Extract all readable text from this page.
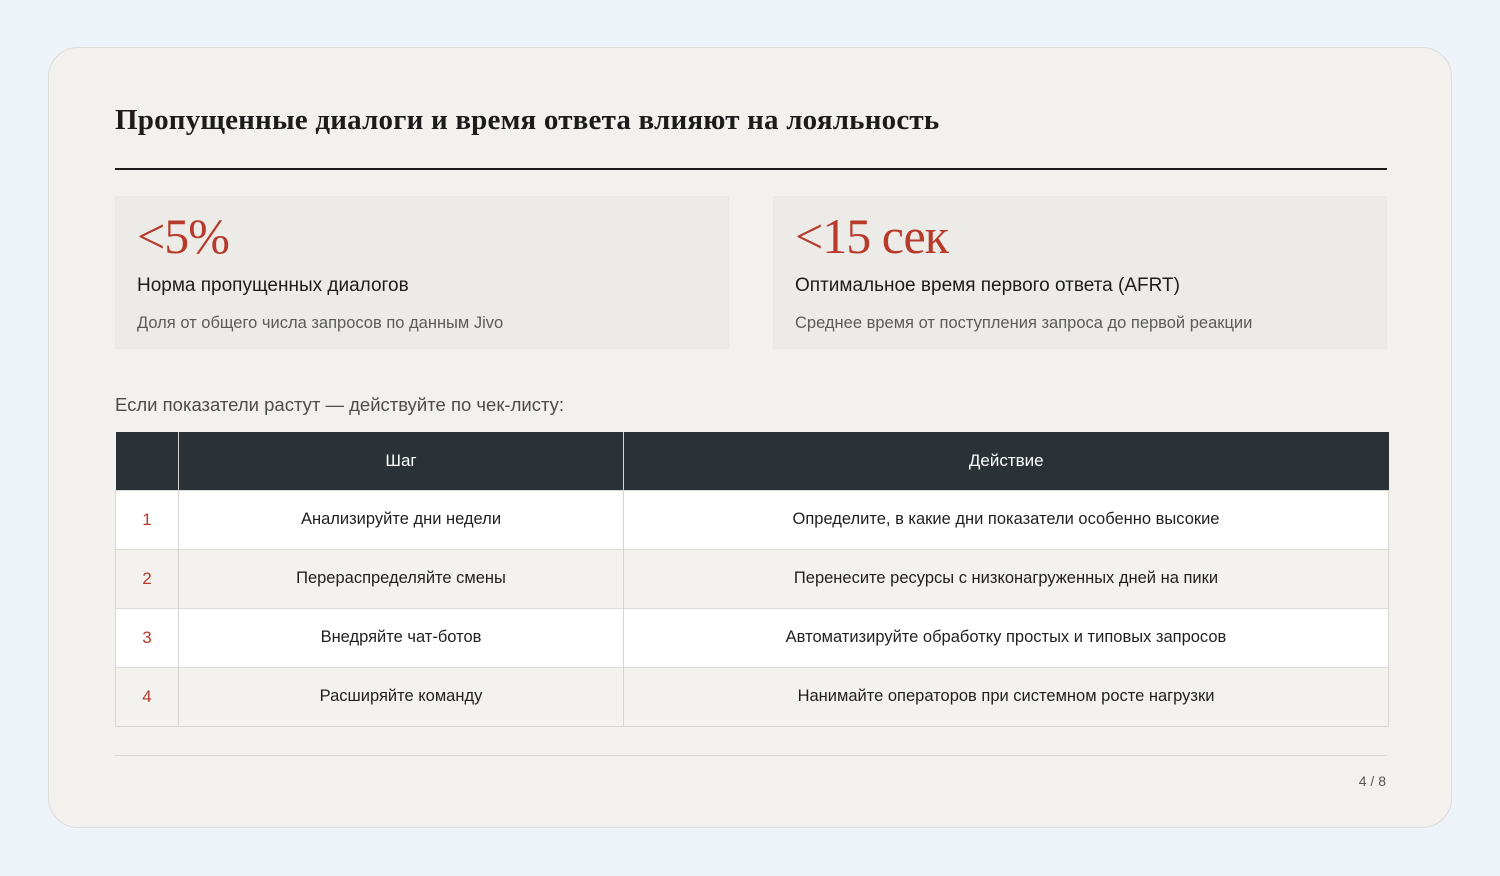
Пропущенные диалоги и время ответа влияют на лояльность
<5%
Норма пропущенных диалогов
Доля от общего числа запросов по данным Jivo
<15 сек
Оптимальное время первого ответа (AFRT)
Среднее время от поступления запроса до первой реакции
Если показатели растут — действуйте по чек-листу:
	Шаг	Действие
1	Анализируйте дни недели	Определите, в какие дни показатели особенно высокие
2	Перераспределяйте смены	Перенесите ресурсы с низконагруженных дней на пики
3	Внедряйте чат-ботов	Автоматизируйте обработку простых и типовых запросов
4	Расширяйте команду	Нанимайте операторов при системном росте нагрузки
4 / 8
